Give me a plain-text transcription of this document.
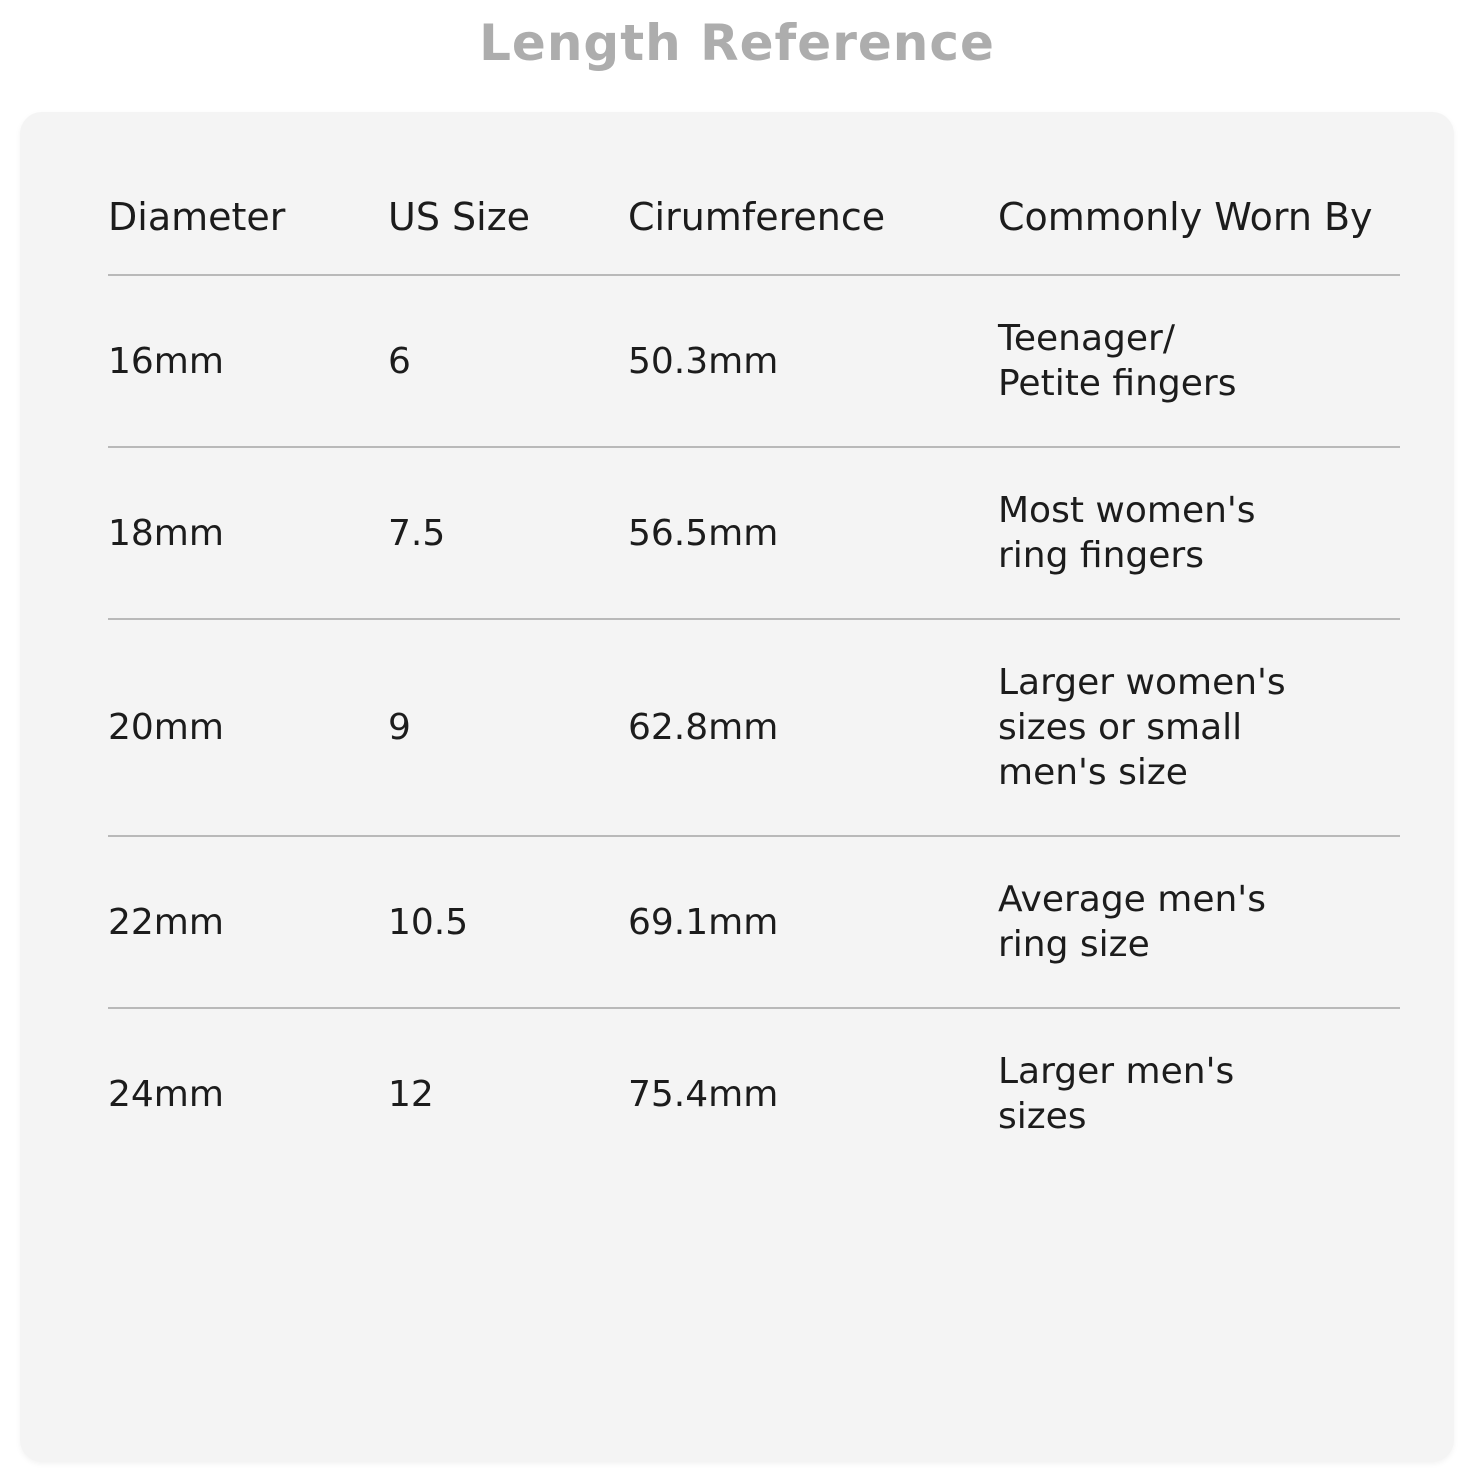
Length Reference
Diameter	US Size	Cirumference	Commonly Worn By
16mm	6	50.3mm	Teenager/
Petite fingers
18mm	7.5	56.5mm	Most women's
ring fingers
20mm	9	62.8mm	Larger women's
sizes or small
men's size
22mm	10.5	69.1mm	Average men's
ring size
24mm	12	75.4mm	Larger men's
sizes
